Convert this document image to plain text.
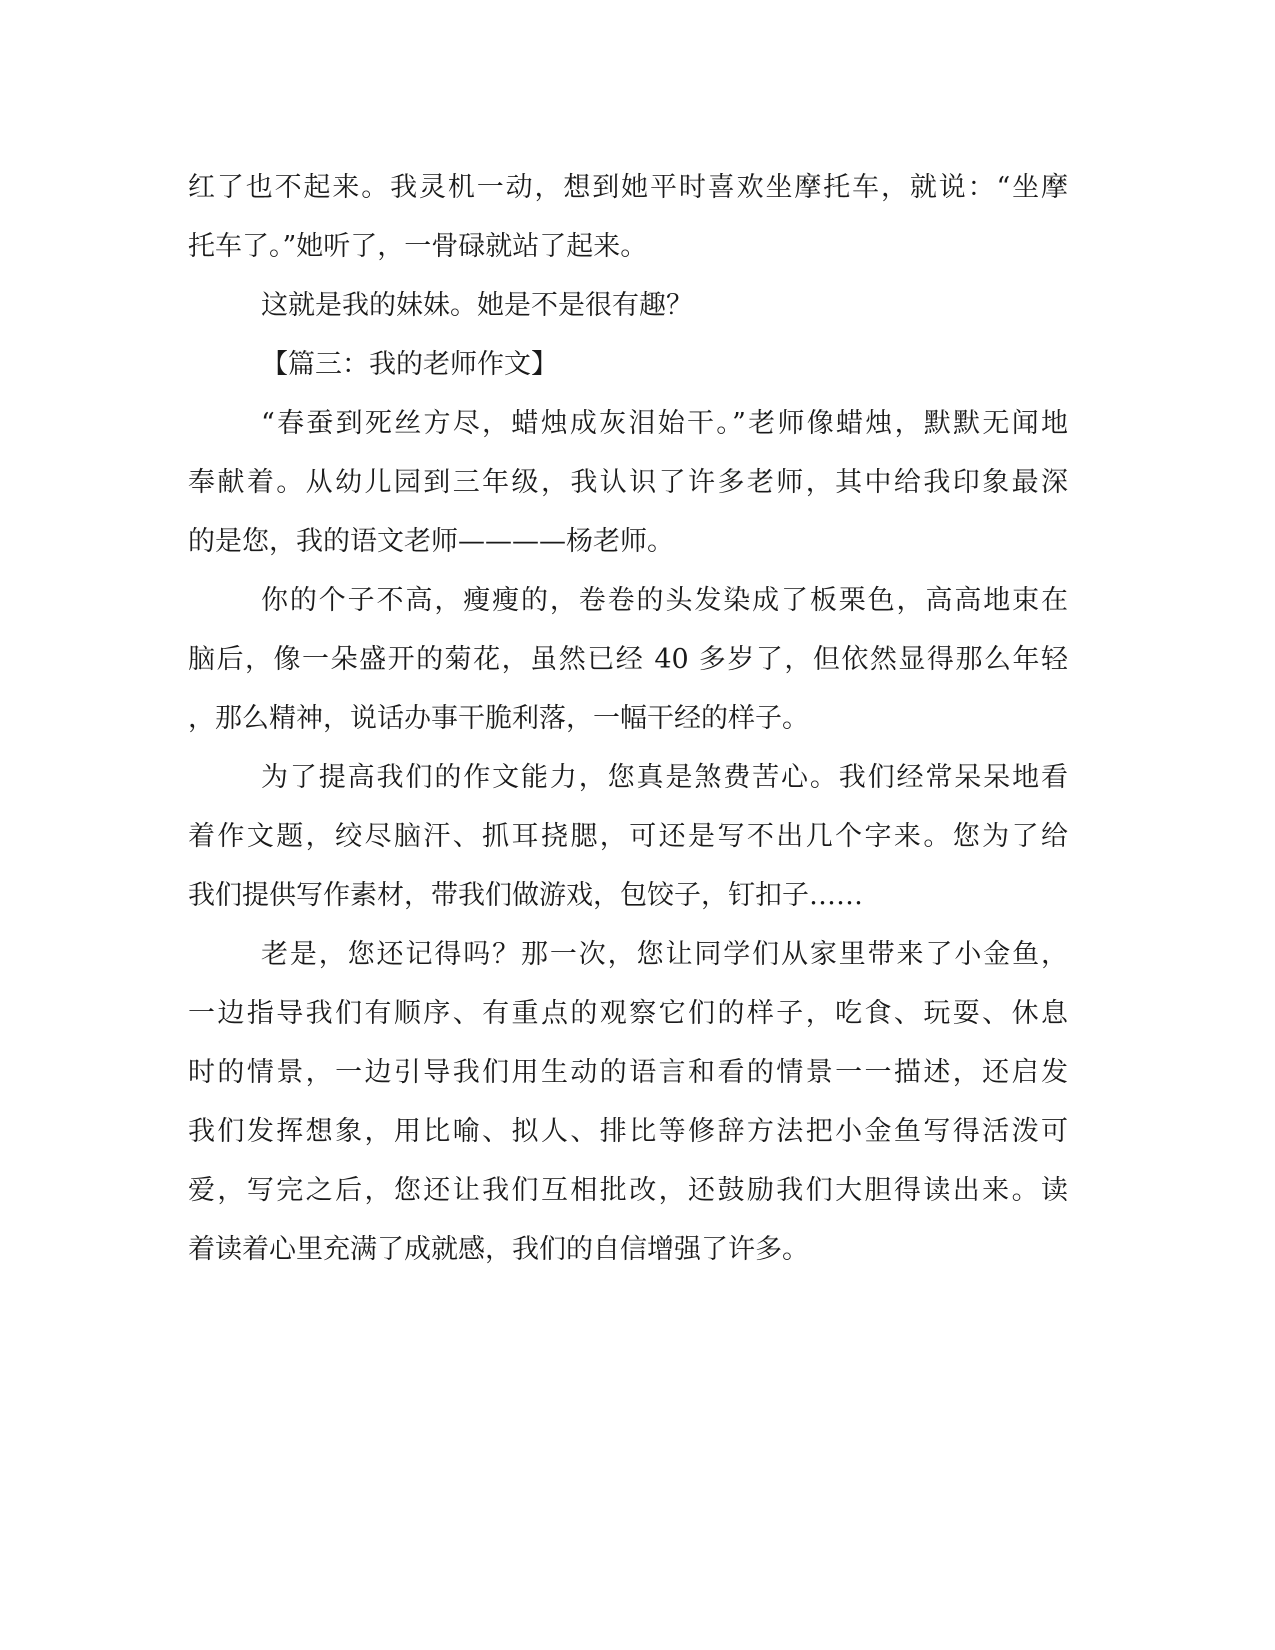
红了也不起来。我灵机一动，想到她平时喜欢坐摩托车，就说：“坐摩
托车了。”她听了，一骨碌就站了起来。
这就是我的妹妹。她是不是很有趣？
【篇三：我的老师作文】
“春蚕到死丝方尽，蜡烛成灰泪始干。”老师像蜡烛，默默无闻地
奉献着。从幼儿园到三年级，我认识了许多老师，其中给我印象最深
的是您，我的语文老师————杨老师。
你的个子不高，瘦瘦的，卷卷的头发染成了板栗色，高高地束在
脑后，像一朵盛开的菊花，虽然已经 40 多岁了，但依然显得那么年轻
，那么精神，说话办事干脆利落，一幅干经的样子。
为了提高我们的作文能力，您真是煞费苦心。我们经常呆呆地看
着作文题，绞尽脑汗、抓耳挠腮，可还是写不出几个字来。您为了给
我们提供写作素材，带我们做游戏，包饺子，钉扣子……
老是，您还记得吗？那一次，您让同学们从家里带来了小金鱼，
一边指导我们有顺序、有重点的观察它们的样子，吃食、玩耍、休息
时的情景，一边引导我们用生动的语言和看的情景一一描述，还启发
我们发挥想象，用比喻、拟人、排比等修辞方法把小金鱼写得活泼可
爱，写完之后，您还让我们互相批改，还鼓励我们大胆得读出来。读
着读着心里充满了成就感，我们的自信增强了许多。
